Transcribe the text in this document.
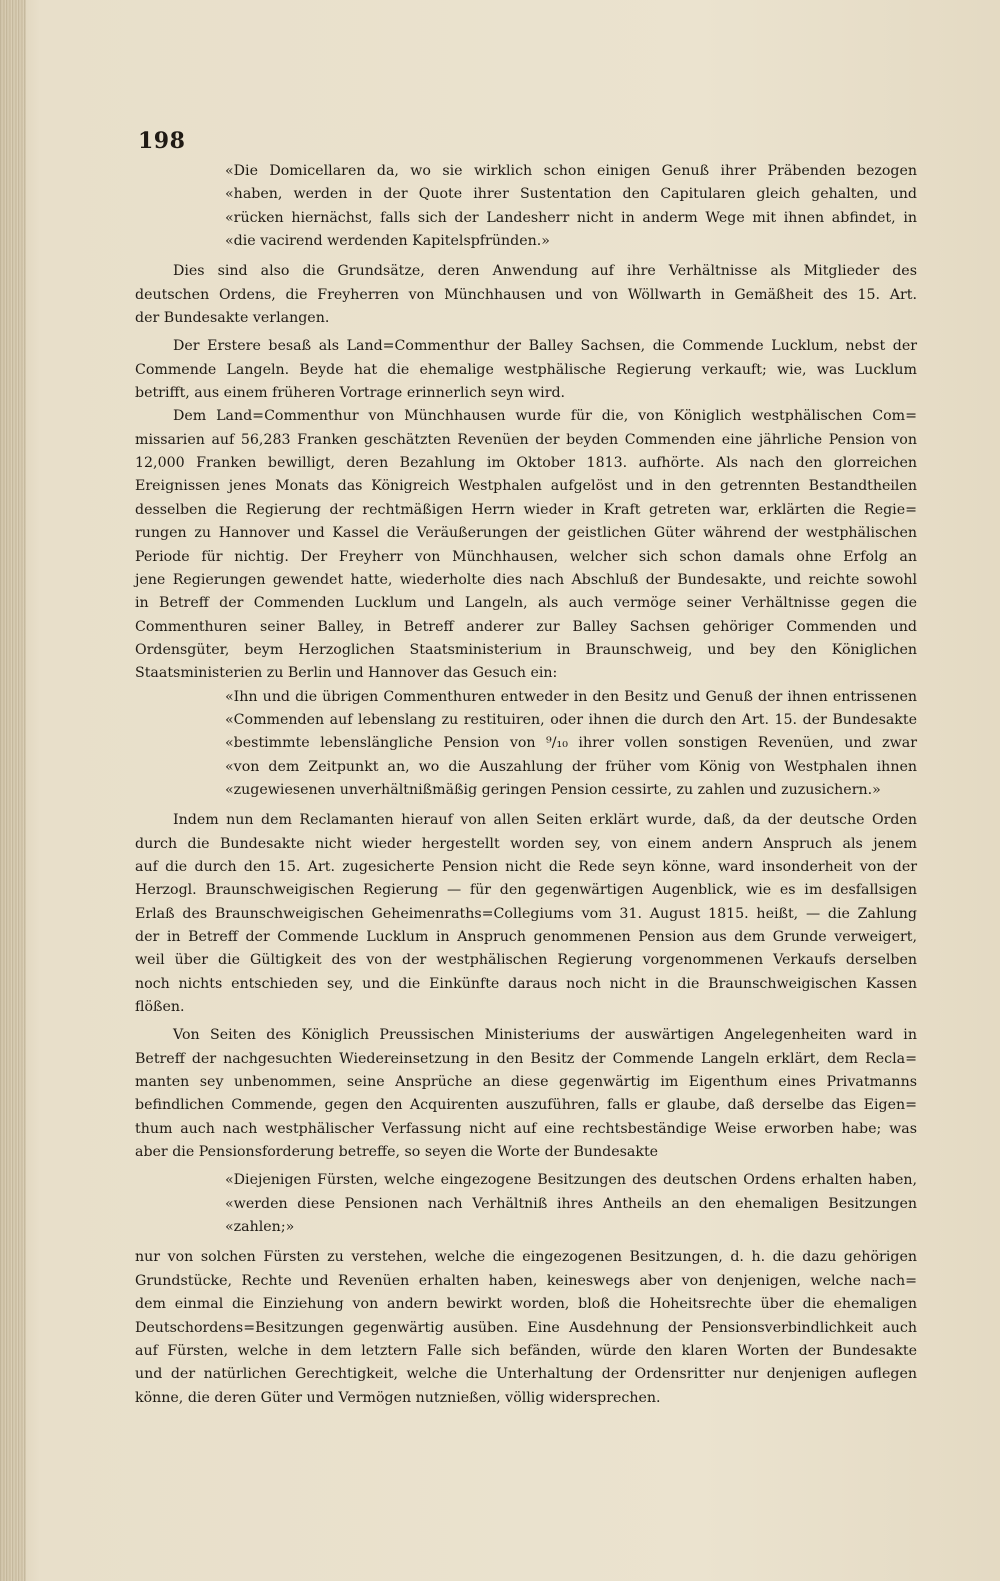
198

«Die Domicellaren da, wo sie wirklich schon einigen Genuß ihrer Präbenden bezogen

«haben, werden in der Quote ihrer Sustentation den Capitularen gleich gehalten, und

«rücken hiernächst, falls sich der Landesherr nicht in anderm Wege mit ihnen abfindet, in

«die vacirend werdenden Kapitelspfründen.»

Dies sind also die Grundsätze, deren Anwendung auf ihre Verhältnisse als Mitglieder des

deutschen Ordens, die Freyherren von Münchhausen und von Wöllwarth in Gemäßheit des 15. Art.

der Bundesakte verlangen.

Der Erstere besaß als Land=Commenthur der Balley Sachsen, die Commende Lucklum, nebst der

Commende Langeln. Beyde hat die ehemalige westphälische Regierung verkauft; wie, was Lucklum

betrifft, aus einem früheren Vortrage erinnerlich seyn wird.

Dem Land=Commenthur von Münchhausen wurde für die, von Königlich westphälischen Com=

missarien auf 56,283 Franken geschätzten Revenüen der beyden Commenden eine jährliche Pension von

12,000 Franken bewilligt, deren Bezahlung im Oktober 1813. aufhörte. Als nach den glorreichen

Ereignissen jenes Monats das Königreich Westphalen aufgelöst und in den getrennten Bestandtheilen

desselben die Regierung der rechtmäßigen Herrn wieder in Kraft getreten war, erklärten die Regie=

rungen zu Hannover und Kassel die Veräußerungen der geistlichen Güter während der westphälischen

Periode für nichtig. Der Freyherr von Münchhausen, welcher sich schon damals ohne Erfolg an

jene Regierungen gewendet hatte, wiederholte dies nach Abschluß der Bundesakte, und reichte sowohl

in Betreff der Commenden Lucklum und Langeln, als auch vermöge seiner Verhältnisse gegen die

Commenthuren seiner Balley, in Betreff anderer zur Balley Sachsen gehöriger Commenden und

Ordensgüter, beym Herzoglichen Staatsministerium in Braunschweig, und bey den Königlichen

Staatsministerien zu Berlin und Hannover das Gesuch ein:

«Ihn und die übrigen Commenthuren entweder in den Besitz und Genuß der ihnen entrissenen

«Commenden auf lebenslang zu restituiren, oder ihnen die durch den Art. 15. der Bundesakte

«bestimmte lebenslängliche Pension von ⁹/₁₀ ihrer vollen sonstigen Revenüen, und zwar

«von dem Zeitpunkt an, wo die Auszahlung der früher vom König von Westphalen ihnen

«zugewiesenen unverhältnißmäßig geringen Pension cessirte, zu zahlen und zuzusichern.»

Indem nun dem Reclamanten hierauf von allen Seiten erklärt wurde, daß, da der deutsche Orden

durch die Bundesakte nicht wieder hergestellt worden sey, von einem andern Anspruch als jenem

auf die durch den 15. Art. zugesicherte Pension nicht die Rede seyn könne, ward insonderheit von der

Herzogl. Braunschweigischen Regierung — für den gegenwärtigen Augenblick, wie es im desfallsigen

Erlaß des Braunschweigischen Geheimenraths=Collegiums vom 31. August 1815. heißt, — die Zahlung

der in Betreff der Commende Lucklum in Anspruch genommenen Pension aus dem Grunde verweigert,

weil über die Gültigkeit des von der westphälischen Regierung vorgenommenen Verkaufs derselben

noch nichts entschieden sey, und die Einkünfte daraus noch nicht in die Braunschweigischen Kassen

flößen.

Von Seiten des Königlich Preussischen Ministeriums der auswärtigen Angelegenheiten ward in

Betreff der nachgesuchten Wiedereinsetzung in den Besitz der Commende Langeln erklärt, dem Recla=

manten sey unbenommen, seine Ansprüche an diese gegenwärtig im Eigenthum eines Privatmanns

befindlichen Commende, gegen den Acquirenten auszuführen, falls er glaube, daß derselbe das Eigen=

thum auch nach westphälischer Verfassung nicht auf eine rechtsbeständige Weise erworben habe; was

aber die Pensionsforderung betreffe, so seyen die Worte der Bundesakte

«Diejenigen Fürsten, welche eingezogene Besitzungen des deutschen Ordens erhalten haben,

«werden diese Pensionen nach Verhältniß ihres Antheils an den ehemaligen Besitzungen

«zahlen;»

nur von solchen Fürsten zu verstehen, welche die eingezogenen Besitzungen, d. h. die dazu gehörigen

Grundstücke, Rechte und Revenüen erhalten haben, keineswegs aber von denjenigen, welche nach=

dem einmal die Einziehung von andern bewirkt worden, bloß die Hoheitsrechte über die ehemaligen

Deutschordens=Besitzungen gegenwärtig ausüben. Eine Ausdehnung der Pensionsverbindlichkeit auch

auf Fürsten, welche in dem letztern Falle sich befänden, würde den klaren Worten der Bundesakte

und der natürlichen Gerechtigkeit, welche die Unterhaltung der Ordensritter nur denjenigen auflegen

könne, die deren Güter und Vermögen nutznießen, völlig widersprechen.
